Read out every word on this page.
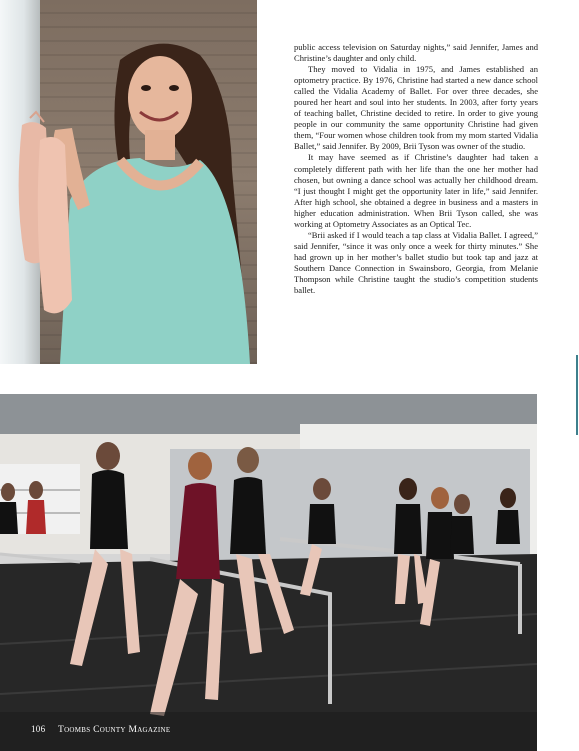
public access television on Saturday nights,” said Jennifer, James and Christine’s daughter and only child.

They moved to Vidalia in 1975, and James established an optometry practice. By 1976, Christine had started a new dance school called the Vidalia Academy of Ballet. For over three decades, she poured her heart and soul into her students. In 2003, after forty years of teaching ballet, Christine decided to retire. In order to give young people in our community the same opportunity Christine had given them, “Four women whose children took from my mom started Vidalia Ballet,” said Jennifer. By 2009, Brii Tyson was owner of the studio.

It may have seemed as if Christine’s daughter had taken a completely different path with her life than the one her mother had chosen, but owning a dance school was actually her childhood dream. “I just thought I might get the opportunity later in life,” said Jennifer. After high school, she obtained a degree in business and a masters in higher education administration. When Brii Tyson called, she was working at Optometry Associates as an Optical Tec.

“Brii asked if I would teach a tap class at Vidalia Ballet. I agreed,” said Jennifer, “since it was only once a week for thirty minutes.” She had grown up in her mother’s ballet studio but took tap and jazz at Southern Dance Connection in Swainsboro, Georgia, from Melanie Thompson while Christine taught the studio’s competition students ballet.

106 Toombs County Magazine
